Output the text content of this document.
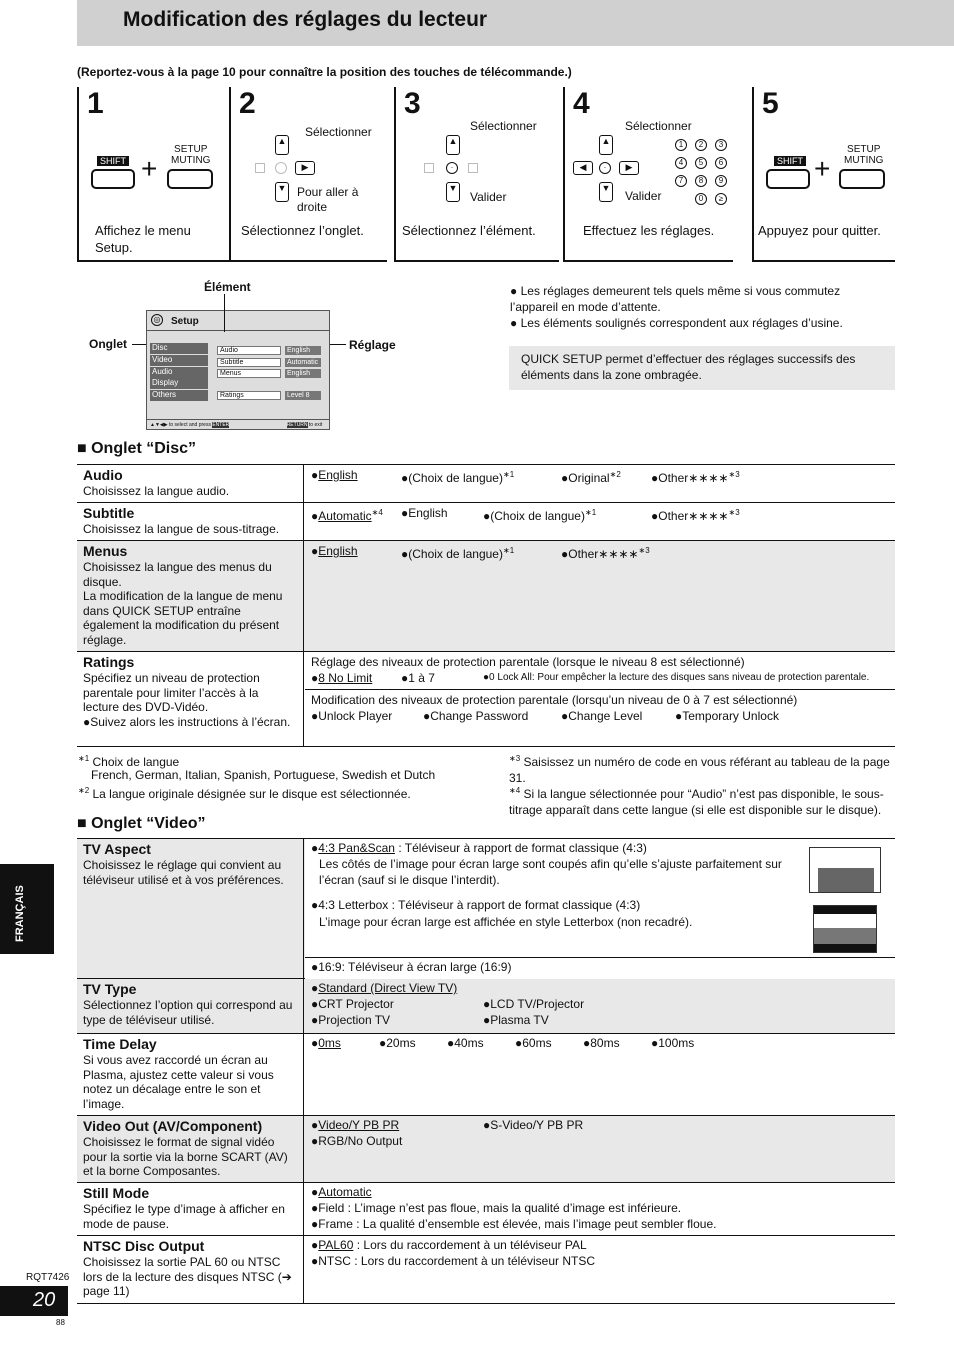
Modification des réglages du lecteur
(Reportez-vous à la page 10 pour connaître la position des touches de télécommande.)
1
SHIFT +
SETUP
MUTING
Affichez le menu Setup.
2
▲
Sélectionner
▶
▼ Pour aller à droite
Sélectionnez l’onglet.
3
▲
Sélectionner
·
▼
Valider
Sélectionnez l’élément.
4
▲
Sélectionner
◀	·	▶
▼
Valider
1	2	3
4	5	6
7	8	9
0	≥
Effectuez les réglages.
5
SHIFT +
SETUP
MUTING
Appuyez pour quitter.
Élément
Onglet	Réglage
Setup
◎
Disc
Video
Audio
Display
Others
Audio
Subtitle
Menus
Ratings
English
Automatic
English
Level 8
▲▼◀▶ to select and press ENTER	RETURN to exit
● Les réglages demeurent tels quels même si vous commutez l’appareil en mode d’attente.
● Les éléments soulignés correspondent aux réglages d’usine.
QUICK SETUP permet d’effectuer des réglages successifs des éléments dans la zone ombragée.
■ Onglet “Disc”
Audio
Choisissez la langue audio.
●English	●(Choix de langue)$^{∗1}$	●Original$^{∗2}$	●Other∗∗∗∗$^{∗3}$
Subtitle
Choisissez la langue de sous-titrage.
●Automatic$^{∗4}$ ●English	●(Choix de langue)$^{∗1}$	●Other∗∗∗∗$^{∗3}$
Menus
Choisissez la langue des menus du disque.
La modification de la langue de menu dans QUICK SETUP entraîne également la modification du présent réglage.
●English	●(Choix de langue)$^{∗1}$	●Other∗∗∗∗$^{∗3}$
Ratings
Spécifiez un niveau de protection parentale pour limiter l’accès à la lecture des DVD-Vidéo.
●Suivez alors les instructions à l’écran.
Réglage des niveaux de protection parentale (lorsque le niveau 8 est sélectionné)
●8 No Limit ●1 à 7	●0 Lock All: Pour empêcher la lecture des disques sans niveau de protection parentale.
Modification des niveaux de protection parentale (lorsqu’un niveau de 0 à 7 est sélectionné)
●Unlock Player	●Change Password	●Change Level	●Temporary Unlock
$^{∗1}$ Choix de langue
French, German, Italian, Spanish, Portuguese, Swedish et Dutch
$^{∗2}$ La langue originale désignée sur le disque est sélectionnée.
$^{∗3}$ Saisissez un numéro de code en vous référant au tableau de la page 31.
$^{∗4}$ Si la langue sélectionnée pour “Audio” n’est pas disponible, le sous-titrage apparaît dans cette langue (si elle est disponible sur le disque).
■ Onglet “Video”
TV Aspect
Choisissez le réglage qui convient au téléviseur utilisé et à vos préférences.
●4:3 Pan&Scan : Téléviseur à rapport de format classique (4:3)
Les côtés de l’image pour écran large sont coupés afin qu’elle s’ajuste parfaitement sur l’écran (sauf si le disque l’interdit).
●4:3 Letterbox : Téléviseur à rapport de format classique (4:3)
L’image pour écran large est affichée en style Letterbox (non recadré).
●16:9: Téléviseur à écran large (16:9)
TV Type
Sélectionnez l’option qui correspond au type de téléviseur utilisé.
●Standard (Direct View TV)
●CRT Projector	●LCD TV/Projector
●Projection TV	●Plasma TV
Time Delay
Si vous avez raccordé un écran au Plasma, ajustez cette valeur si vous notez un décalage entre le son et l’image.
●0ms	●20ms	●40ms	●60ms	●80ms	●100ms
Video Out (AV/Component)
Choisissez le format de signal vidéo pour la sortie via la borne SCART (AV) et la borne Composantes.
●Video/Y PB PR	●S-Video/Y PB PR
●RGB/No Output
Still Mode
Spécifiez le type d’image à afficher en mode de pause.
●Automatic
●Field : L’image n’est pas floue, mais la qualité d’image est inférieure.
●Frame : La qualité d’ensemble est élevée, mais l’image peut sembler floue.
NTSC Disc Output
Choisissez la sortie PAL 60 ou NTSC lors de la lecture des disques NTSC (➔ page 11)
●PAL60 : Lors du raccordement à un téléviseur PAL
●NTSC : Lors du raccordement à un téléviseur NTSC
FRANÇAIS
RQT7426
20
88
